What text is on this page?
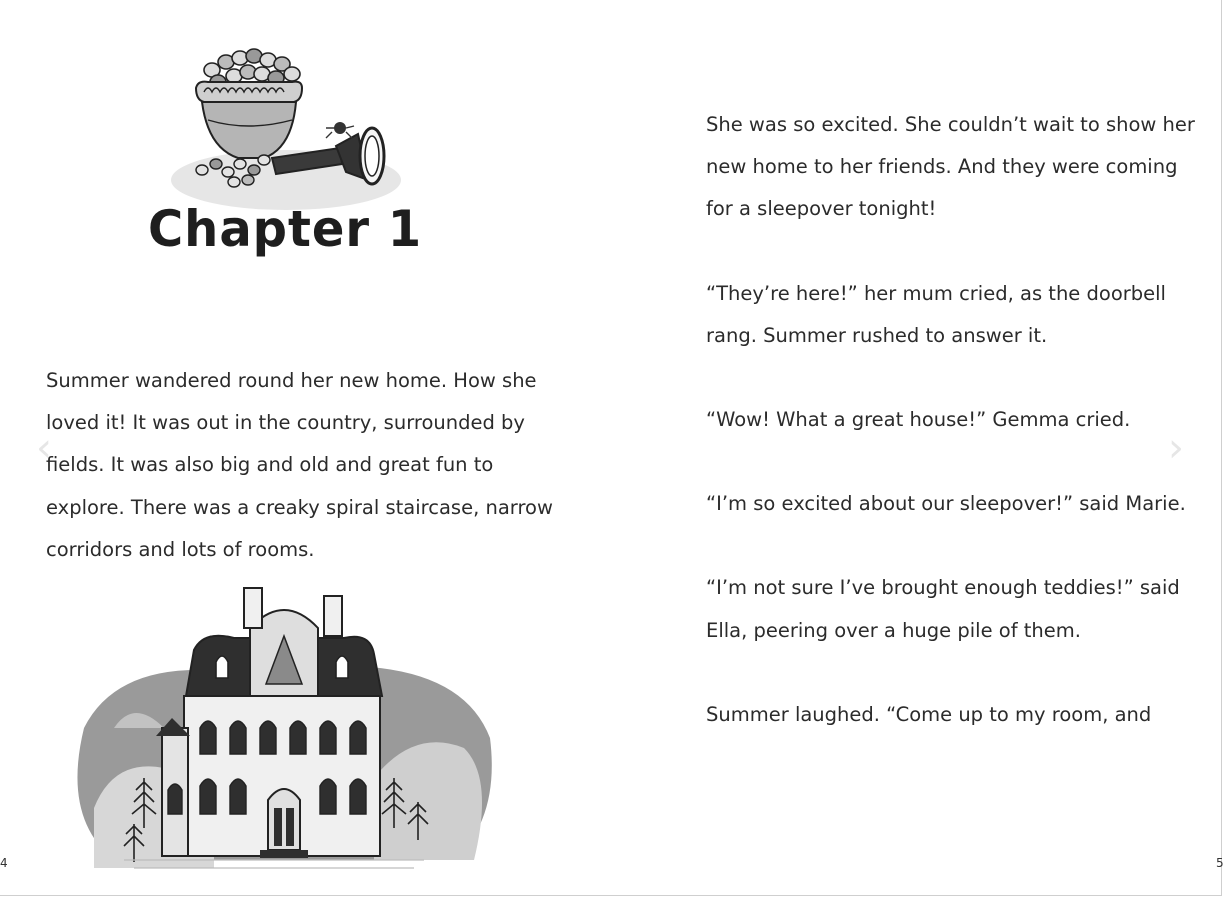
Chapter 1

Summer wandered round her new home. How she loved it! It was out in the country, surrounded by fields. It was also big and old and great fun to explore. There was a creaky spiral staircase, narrow corridors and lots of rooms.

‹
4

She was so excited. She couldn’t wait to show her new home to her friends. And they were coming for a sleepover tonight!

“They’re here!” her mum cried, as the doorbell rang. Summer rushed to answer it.

“Wow! What a great house!” Gemma cried.

“I’m so excited about our sleepover!” said Marie.

“I’m not sure I’ve brought enough teddies!” said Ella, peering over a huge pile of them.

Summer laughed. “Come up to my room, and

›
5
